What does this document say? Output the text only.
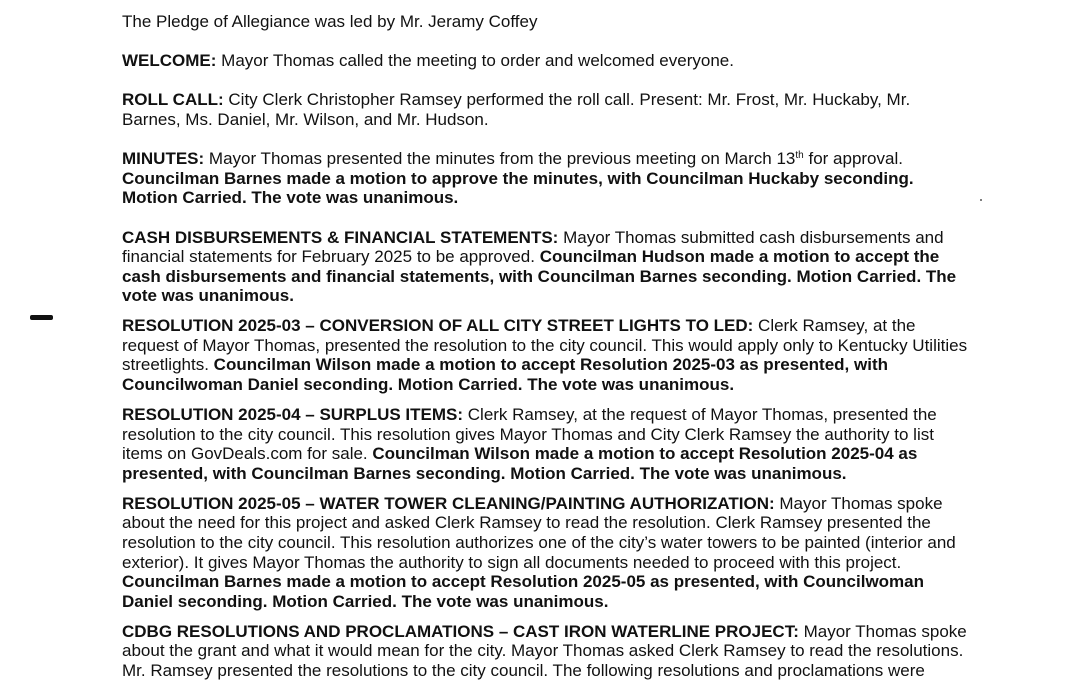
The Pledge of Allegiance was led by Mr. Jeramy Coffey
WELCOME: Mayor Thomas called the meeting to order and welcomed everyone.
ROLL CALL: City Clerk Christopher Ramsey performed the roll call. Present: Mr. Frost, Mr. Huckaby, Mr.
Barnes, Ms. Daniel, Mr. Wilson, and Mr. Hudson.
MINUTES: Mayor Thomas presented the minutes from the previous meeting on March 13th for approval.
Councilman Barnes made a motion to approve the minutes, with Councilman Huckaby seconding.
Motion Carried. The vote was unanimous.
CASH DISBURSEMENTS & FINANCIAL STATEMENTS: Mayor Thomas submitted cash disbursements and
financial statements for February 2025 to be approved. Councilman Hudson made a motion to accept the
cash disbursements and financial statements, with Councilman Barnes seconding. Motion Carried. The
vote was unanimous.
RESOLUTION 2025-03 – CONVERSION OF ALL CITY STREET LIGHTS TO LED: Clerk Ramsey, at the
request of Mayor Thomas, presented the resolution to the city council. This would apply only to Kentucky Utilities
streetlights. Councilman Wilson made a motion to accept Resolution 2025-03 as presented, with
Councilwoman Daniel seconding. Motion Carried. The vote was unanimous.
RESOLUTION 2025-04 – SURPLUS ITEMS: Clerk Ramsey, at the request of Mayor Thomas, presented the
resolution to the city council. This resolution gives Mayor Thomas and City Clerk Ramsey the authority to list
items on GovDeals.com for sale. Councilman Wilson made a motion to accept Resolution 2025-04 as
presented, with Councilman Barnes seconding. Motion Carried. The vote was unanimous.
RESOLUTION 2025-05 – WATER TOWER CLEANING/PAINTING AUTHORIZATION: Mayor Thomas spoke
about the need for this project and asked Clerk Ramsey to read the resolution. Clerk Ramsey presented the
resolution to the city council. This resolution authorizes one of the city’s water towers to be painted (interior and
exterior). It gives Mayor Thomas the authority to sign all documents needed to proceed with this project.
Councilman Barnes made a motion to accept Resolution 2025-05 as presented, with Councilwoman
Daniel seconding. Motion Carried. The vote was unanimous.
CDBG RESOLUTIONS AND PROCLAMATIONS – CAST IRON WATERLINE PROJECT: Mayor Thomas spoke
about the grant and what it would mean for the city. Mayor Thomas asked Clerk Ramsey to read the resolutions.
Mr. Ramsey presented the resolutions to the city council. The following resolutions and proclamations were
